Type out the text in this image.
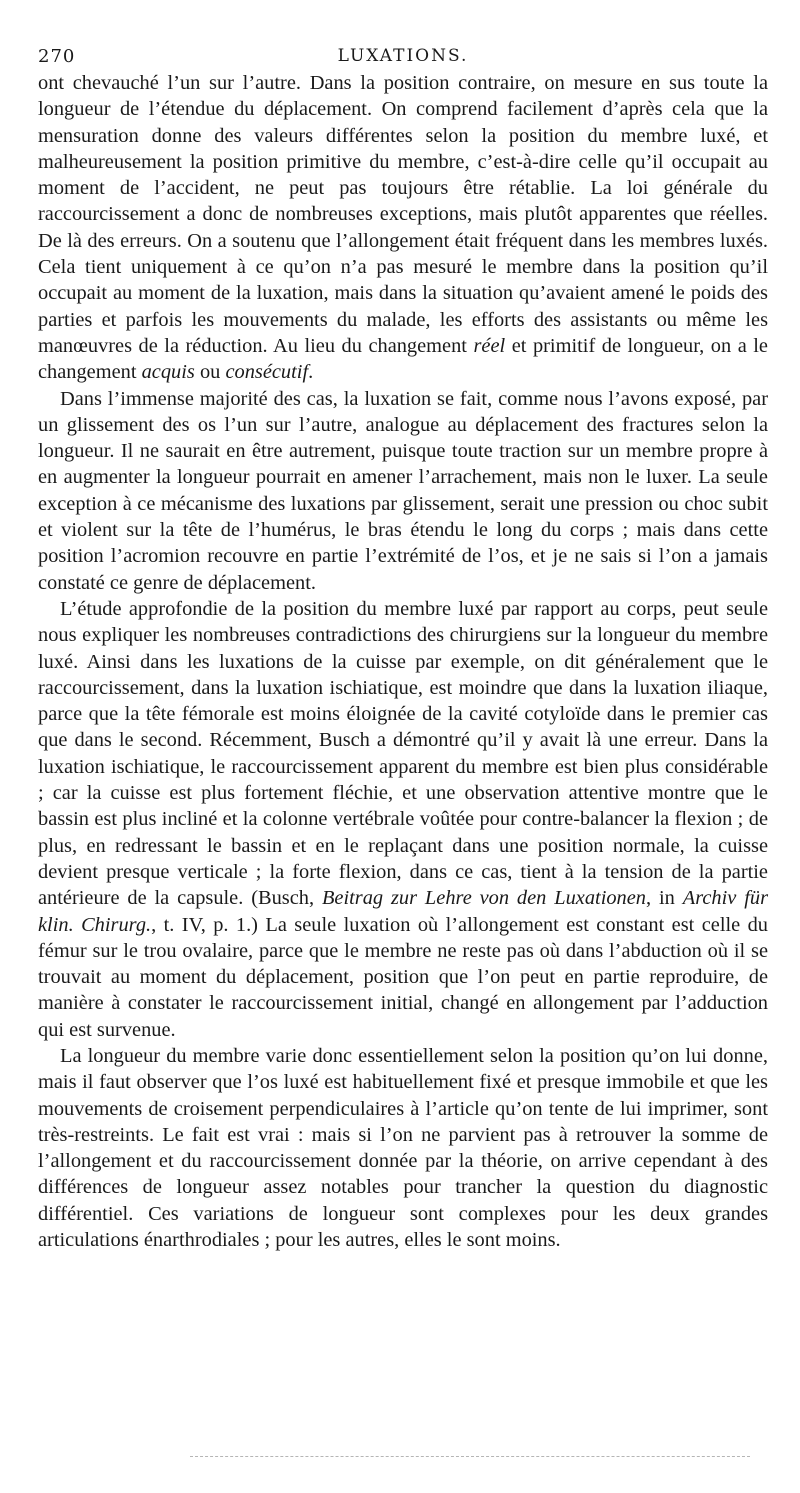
270	LUXATIONS.

ont chevauché l’un sur l’autre. Dans la position contraire, on mesure en sus toute la longueur de l’étendue du déplacement. On comprend facilement d’après cela que la mensuration donne des valeurs différentes selon la position du membre luxé, et malheureusement la position primitive du membre, c’est-à-dire celle qu’il occupait au moment de l’accident, ne peut pas toujours être rétablie. La loi générale du raccourcissement a donc de nombreuses exceptions, mais plutôt apparentes que réelles. De là des erreurs. On a soutenu que l’allongement était fréquent dans les membres luxés. Cela tient uniquement à ce qu’on n’a pas mesuré le membre dans la position qu’il occupait au moment de la luxation, mais dans la situation qu’avaient amené le poids des parties et parfois les mouvements du malade, les efforts des assistants ou même les manœuvres de la réduction. Au lieu du changement réel et primitif de longueur, on a le changement acquis ou consécutif.

Dans l’immense majorité des cas, la luxation se fait, comme nous l’avons exposé, par un glissement des os l’un sur l’autre, analogue au déplacement des fractures selon la longueur. Il ne saurait en être autrement, puisque toute traction sur un membre propre à en augmenter la longueur pourrait en amener l’arrachement, mais non le luxer. La seule exception à ce mécanisme des luxations par glissement, serait une pression ou choc subit et violent sur la tête de l’humérus, le bras étendu le long du corps ; mais dans cette position l’acromion recouvre en partie l’extrémité de l’os, et je ne sais si l’on a jamais constaté ce genre de déplacement.

L’étude approfondie de la position du membre luxé par rapport au corps, peut seule nous expliquer les nombreuses contradictions des chirurgiens sur la longueur du membre luxé. Ainsi dans les luxations de la cuisse par exemple, on dit généralement que le raccourcissement, dans la luxation ischiatique, est moindre que dans la luxation iliaque, parce que la tête fémorale est moins éloignée de la cavité cotyloïde dans le premier cas que dans le second. Récemment, Busch a démontré qu’il y avait là une erreur. Dans la luxation ischiatique, le raccourcissement apparent du membre est bien plus considérable ; car la cuisse est plus fortement fléchie, et une observation attentive montre que le bassin est plus incliné et la colonne vertébrale voûtée pour contre-balancer la flexion ; de plus, en redressant le bassin et en le replaçant dans une position normale, la cuisse devient presque verticale ; la forte flexion, dans ce cas, tient à la tension de la partie antérieure de la capsule. (Busch, Beitrag zur Lehre von den Luxationen, in Archiv für klin. Chirurg., t. IV, p. 1.) La seule luxation où l’allongement est constant est celle du fémur sur le trou ovalaire, parce que le membre ne reste pas où dans l’abduction où il se trouvait au moment du déplacement, position que l’on peut en partie reproduire, de manière à constater le raccourcissement initial, changé en allongement par l’adduction qui est survenue.

La longueur du membre varie donc essentiellement selon la position qu’on lui donne, mais il faut observer que l’os luxé est habituellement fixé et presque immobile et que les mouvements de croisement perpendiculaires à l’article qu’on tente de lui imprimer, sont très-restreints. Le fait est vrai : mais si l’on ne parvient pas à retrouver la somme de l’allongement et du raccourcissement donnée par la théorie, on arrive cependant à des différences de longueur assez notables pour trancher la question du diagnostic différentiel. Ces variations de longueur sont complexes pour les deux grandes articulations énarthrodiales ; pour les autres, elles le sont moins.
